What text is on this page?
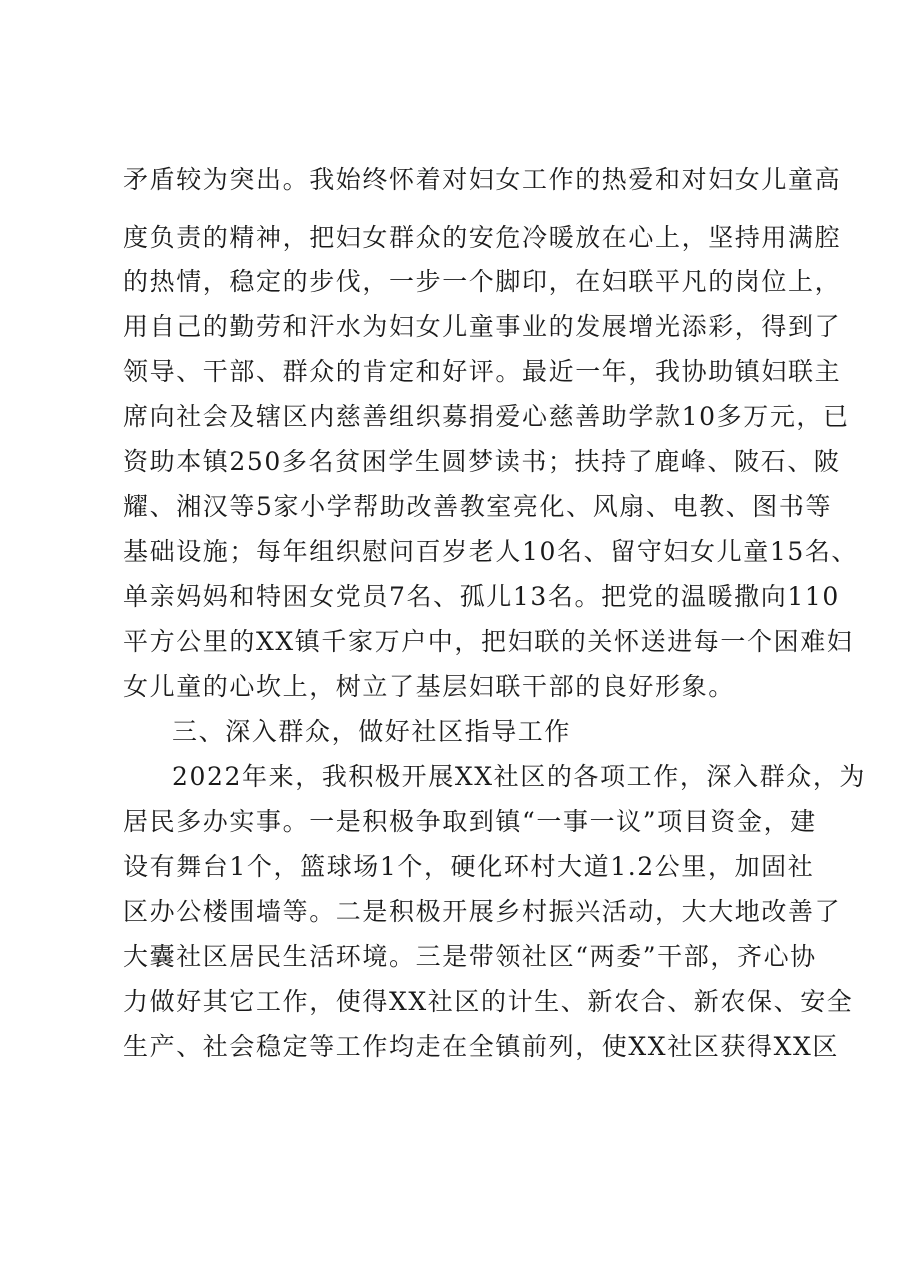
矛盾较为突出。我始终怀着对妇女工作的热爱和对妇女儿童高

度负责的精神，把妇女群众的安危冷暖放在心上，坚持用满腔

的热情，稳定的步伐，一步一个脚印，在妇联平凡的岗位上，

用自己的勤劳和汗水为妇女儿童事业的发展增光添彩，得到了

领导、干部、群众的肯定和好评。最近一年，我协助镇妇联主

席向社会及辖区内慈善组织募捐爱心慈善助学款10多万元，已

资助本镇250多名贫困学生圆梦读书；扶持了鹿峰、陂石、陂

耀、湘汉等5家小学帮助改善教室亮化、风扇、电教、图书等

基础设施；每年组织慰问百岁老人10名、留守妇女儿童15名、

单亲妈妈和特困女党员7名、孤儿13名。把党的温暖撒向110

平方公里的XX镇千家万户中，把妇联的关怀送进每一个困难妇

女儿童的心坎上，树立了基层妇联干部的良好形象。

三、深入群众，做好社区指导工作

2022年来，我积极开展XX社区的各项工作，深入群众，为

居民多办实事。一是积极争取到镇“一事一议”项目资金，建

设有舞台1个，篮球场1个，硬化环村大道1.2公里，加固社

区办公楼围墙等。二是积极开展乡村振兴活动，大大地改善了

大囊社区居民生活环境。三是带领社区“两委”干部，齐心协

力做好其它工作，使得XX社区的计生、新农合、新农保、安全

生产、社会稳定等工作均走在全镇前列，使XX社区获得XX区
